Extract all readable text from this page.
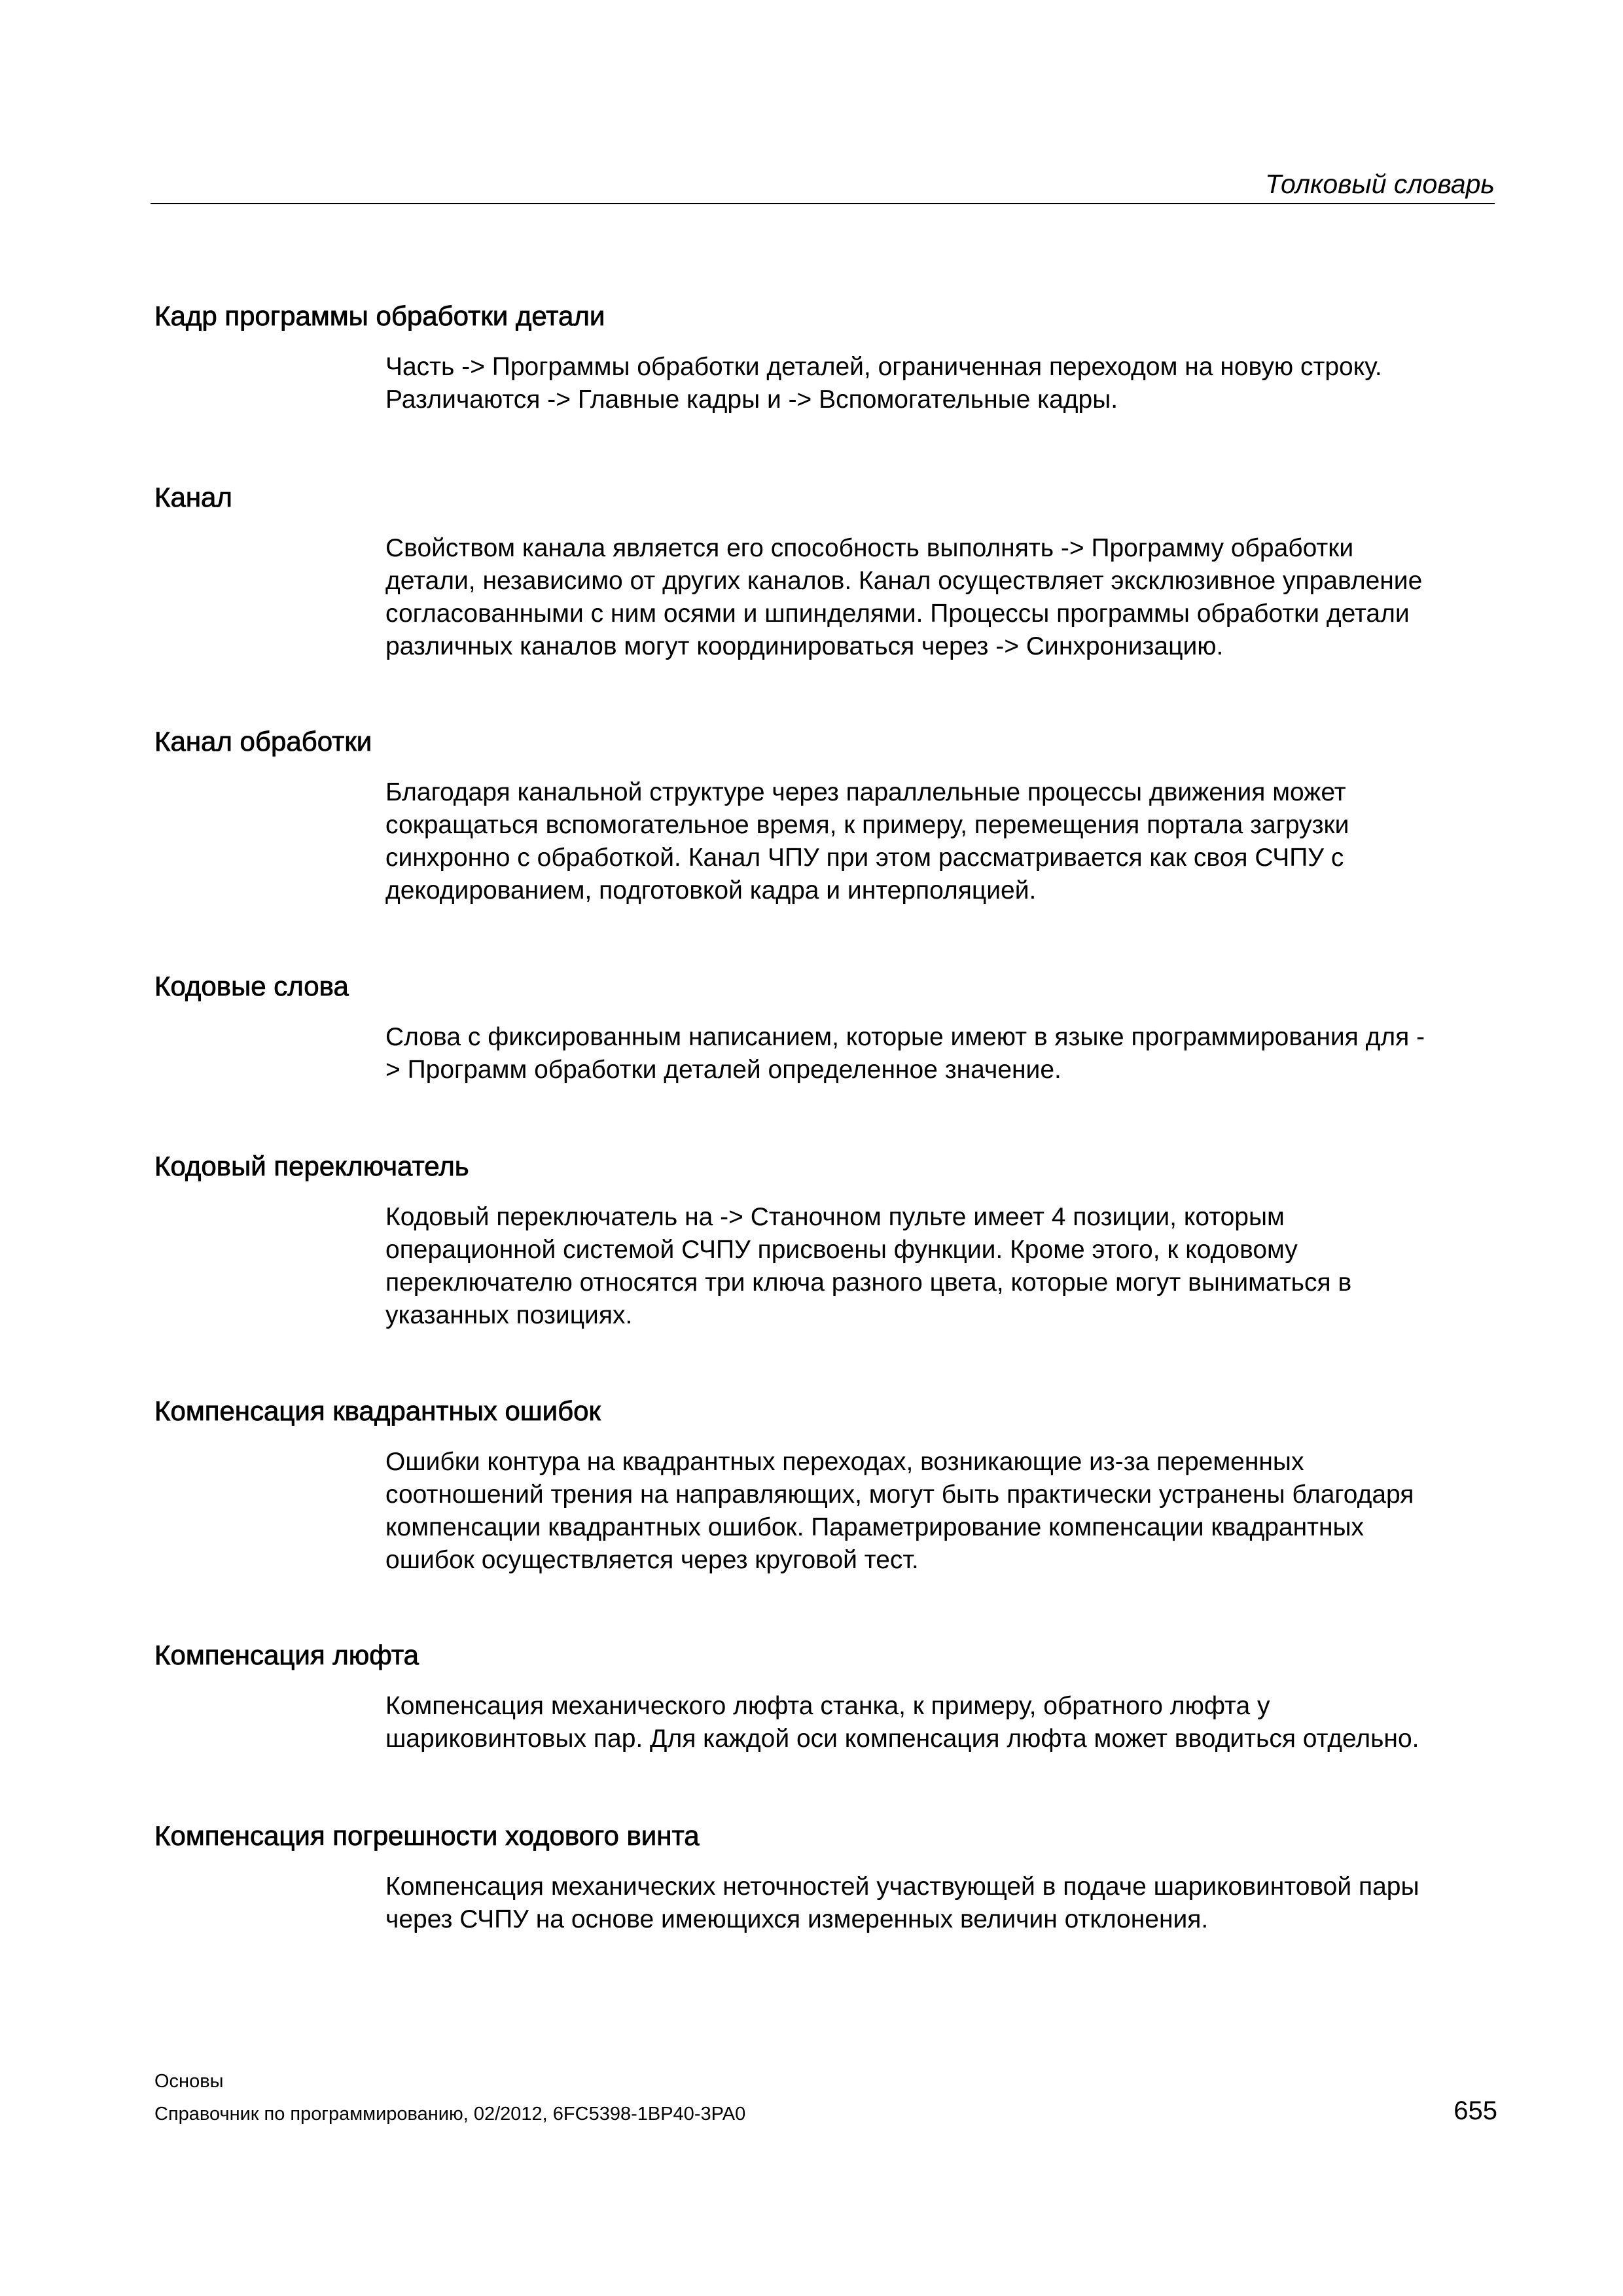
Толковый словарь
Кадр программы обработки детали
Часть -> Программы обработки деталей, ограниченная переходом на новую строку.
Различаются -> Главные кадры и -> Вспомогательные кадры.
Канал
Свойством канала является его способность выполнять -> Программу обработки
детали, независимо от других каналов. Канал осуществляет эксклюзивное управление
согласованными с ним осями и шпинделями. Процессы программы обработки детали
различных каналов могут координироваться через -> Синхронизацию.
Канал обработки
Благодаря канальной структуре через параллельные процессы движения может
сокращаться вспомогательное время, к примеру, перемещения портала загрузки
синхронно с обработкой. Канал ЧПУ при этом рассматривается как своя СЧПУ с
декодированием, подготовкой кадра и интерполяцией.
Кодовые слова
Слова с фиксированным написанием, которые имеют в языке программирования для -
> Программ обработки деталей определенное значение.
Кодовый переключатель
Кодовый переключатель на -> Станочном пульте имеет 4 позиции, которым
операционной системой СЧПУ присвоены функции. Кроме этого, к кодовому
переключателю относятся три ключа разного цвета, которые могут выниматься в
указанных позициях.
Компенсация квадрантных ошибок
Ошибки контура на квадрантных переходах, возникающие из-за переменных
соотношений трения на направляющих, могут быть практически устранены благодаря
компенсации квадрантных ошибок. Параметрирование компенсации квадрантных
ошибок осуществляется через круговой тест.
Компенсация люфта
Компенсация механического люфта станка, к примеру, обратного люфта у
шариковинтовых пар. Для каждой оси компенсация люфта может вводиться отдельно.
Компенсация погрешности ходового винта
Компенсация механических неточностей участвующей в подаче шариковинтовой пары
через СЧПУ на основе имеющихся измеренных величин отклонения.
Основы
Справочник по программированию, 02/2012, 6FC5398-1BP40-3PA0	655
